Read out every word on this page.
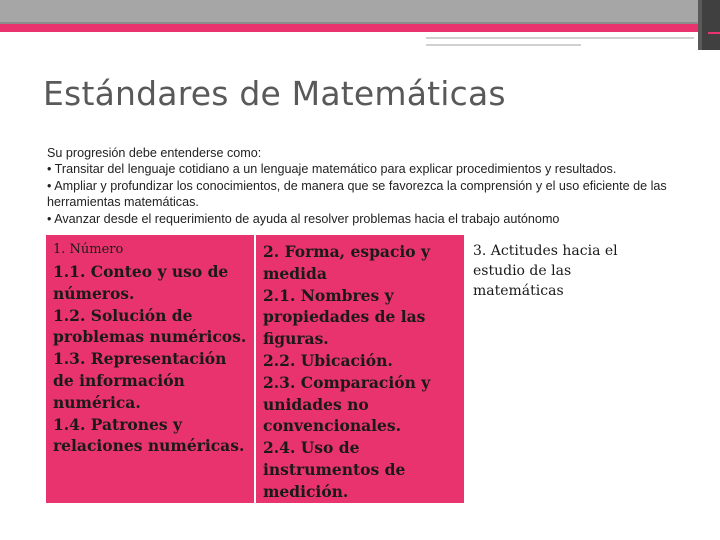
Estándares de Matemáticas

Su progresión debe entenderse como:

• Transitar del lenguaje cotidiano a un lenguaje matemático para explicar procedimientos y resultados.

• Ampliar y profundizar los conocimientos, de manera que se favorezca la comprensión y el uso eficiente de las herramientas matemáticas.

• Avanzar desde el requerimiento de ayuda al resolver problemas hacia el trabajo autónomo

1. Número
1.1. Conteo y uso de números.
1.2. Solución de problemas numéricos.
1.3. Representación de información numérica.
1.4. Patrones y relaciones numéricas.

2. Forma, espacio y medida
2.1. Nombres y propiedades de las figuras.
2.2. Ubicación.
2.3. Comparación y unidades no convencionales.
2.4. Uso de instrumentos de medición.

3. Actitudes hacia el estudio de las matemáticas
